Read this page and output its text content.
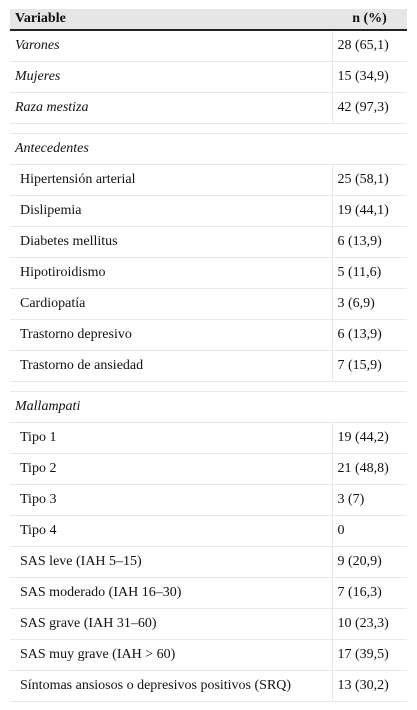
Variable	n (%)
Varones	28 (65,1)
Mujeres	15 (34,9)
Raza mestiza	42 (97,3)

Antecedentes	
Hipertensión arterial	25 (58,1)
Dislipemia	19 (44,1)
Diabetes mellitus	6 (13,9)
Hipotiroidismo	5 (11,6)
Cardiopatía	3 (6,9)
Trastorno depresivo	6 (13,9)
Trastorno de ansiedad	7 (15,9)

Mallampati	
Tipo 1	19 (44,2)
Tipo 2	21 (48,8)
Tipo 3	3 (7)
Tipo 4	0
SAS leve (IAH 5–15)	9 (20,9)
SAS moderado (IAH 16–30)	7 (16,3)
SAS grave (IAH 31–60)	10 (23,3)
SAS muy grave (IAH > 60)	17 (39,5)
Síntomas ansiosos o depresivos positivos (SRQ)	13 (30,2)
